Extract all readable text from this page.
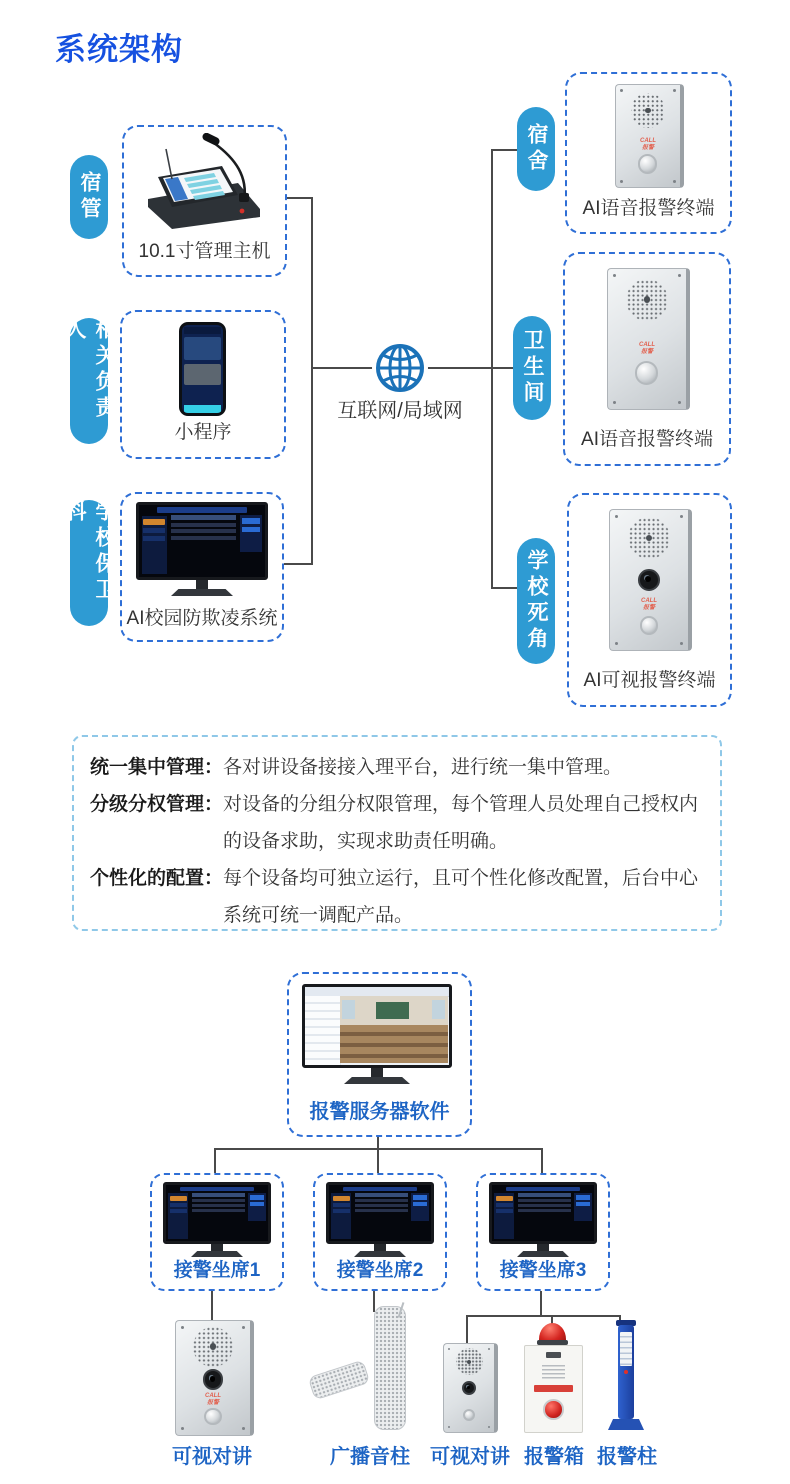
系统架构
互联网/局域网
宿管
相关负责人
学校保卫科
10.1寸管理主机
小程序
AI校园防欺凌系统
宿舍
卫生间
学校死角
CALL
报警
AI语音报警终端
CALL
报警
AI语音报警终端
CALL
报警
AI可视报警终端
统一集中管理： 各对讲设备接接入理平台，进行统一集中管理。
分级分权管理： 对设备的分组分权限管理，每个管理人员处理自己授权内的设备求助，实现求助责任明确。
个性化的配置： 每个设备均可独立运行，且可个性化修改配置，后台中心系统可统一调配产品。
报警服务器软件
接警坐席1	接警坐席2	接警坐席3
CALL
报警
可视对讲	广播音柱	可视对讲 报警箱 报警柱
